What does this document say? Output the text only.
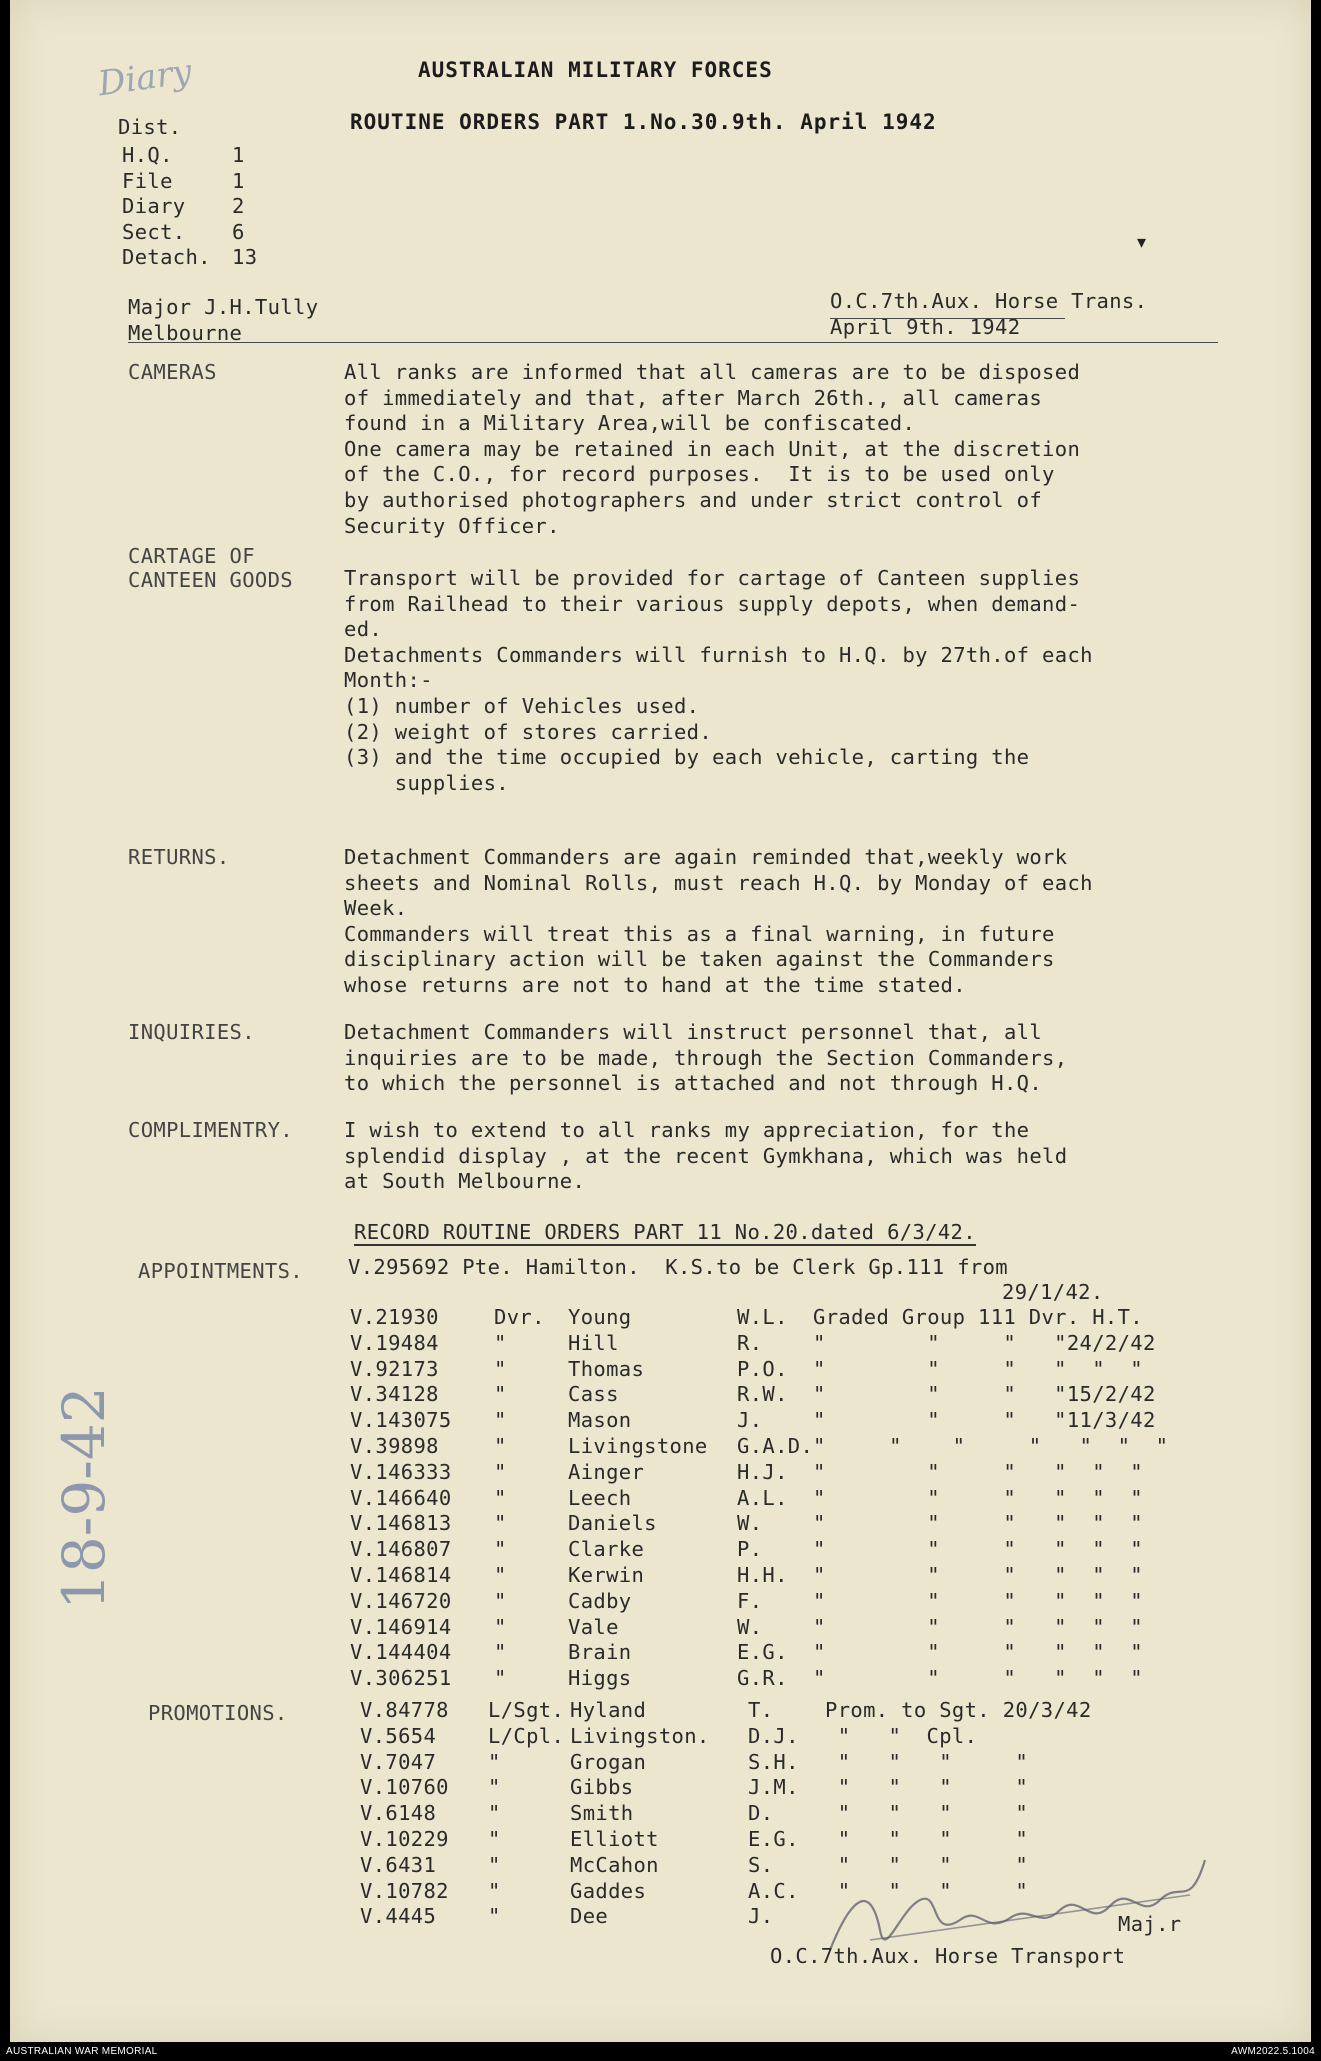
Diary
18-9-42
AUSTRALIAN MILITARY FORCES
ROUTINE ORDERS PART 1.No.30.9th. April 1942
Dist.
▾
Major J.H.Tully
Melbourne
O.C.7th.Aux. Horse Trans.
April 9th. 1942
RECORD ROUTINE ORDERS PART 11 No.20.dated 6/3/42.
APPOINTMENTS. V.295692 Pte. Hamilton.  K.S.to be Clerk Gp.111 from
29/1/42.
PROMOTIONS.
Maj.r
O.C.7th.Aux. Horse Transport
H.Q.	1
File	1
Diary 2
Sect. 6
Detach. 13
CAMERAS	All ranks are informed that all cameras are to be disposed
of immediately and that, after March 26th., all cameras
found in a Military Area,will be confiscated.
One camera may be retained in each Unit, at the discretion
of the C.O., for record purposes.  It is to be used only
by authorised photographers and under strict control of
Security Officer.
CARTAGE OF
CANTEEN GOODS Transport will be provided for cartage of Canteen supplies
from Railhead to their various supply depots, when demand-
ed.
Detachments Commanders will furnish to H.Q. by 27th.of each
Month:-
(1) number of Vehicles used.
(2) weight of stores carried.
(3) and the time occupied by each vehicle, carting the
supplies.
RETURNS.	Detachment Commanders are again reminded that,weekly work
sheets and Nominal Rolls, must reach H.Q. by Monday of each
Week.
Commanders will treat this as a final warning, in future
disciplinary action will be taken against the Commanders
whose returns are not to hand at the time stated.
INQUIRIES.	Detachment Commanders will instruct personnel that, all
inquiries are to be made, through the Section Commanders,
to which the personnel is attached and not through H.Q.
COMPLIMENTRY. I wish to extend to all ranks my appreciation, for the
splendid display , at the recent Gymkhana, which was held
at South Melbourne.
V.21930	Dvr. Young	W.L. Graded Group 111 Dvr. H.T.
V.19484	"	Hill	R. "        "     "   "24/2/42
V.92173	"	Thomas	P.O. "        "     "   "  "  "
V.34128	"	Cass	R.W. "        "     "   "15/2/42
V.143075 "	Mason	J. "        "     "   "11/3/42
V.39898	"	Livingstone G.A.D. "     "    "     "   "  "  "
V.146333 "	Ainger	H.J. "        "     "   "  "  "
V.146640 "	Leech	A.L. "        "     "   "  "  "
V.146813 "	Daniels	W. "        "     "   "  "  "
V.146807 "	Clarke	P. "        "     "   "  "  "
V.146814 "	Kerwin	H.H. "        "     "   "  "  "
V.146720 "	Cadby	F. "        "     "   "  "  "
V.146914 "	Vale	W. "        "     "   "  "  "
V.144404 "	Brain	E.G. "        "     "   "  "  "
V.306251 "	Higgs	G.R. "        "     "   "  "  "
V.84778 L/Sgt. Hyland	T.	Prom. to Sgt. 20/3/42
V.5654	L/Cpl. Livingston. D.J. "   "  Cpl.
V.7047	"	Grogan	S.H. "   "   "     "
V.10760 "	Gibbs	J.M. "   "   "     "
V.6148	"	Smith	D.	"   "   "     "
V.10229 "	Elliott	E.G. "   "   "     "
V.6431	"	McCahon	S.	"   "   "     "
V.10782 "	Gaddes	A.C. "   "   "     "
V.4445	"	Dee	J.
AUSTRALIAN WAR MEMORIAL	AWM2022.5.1004
